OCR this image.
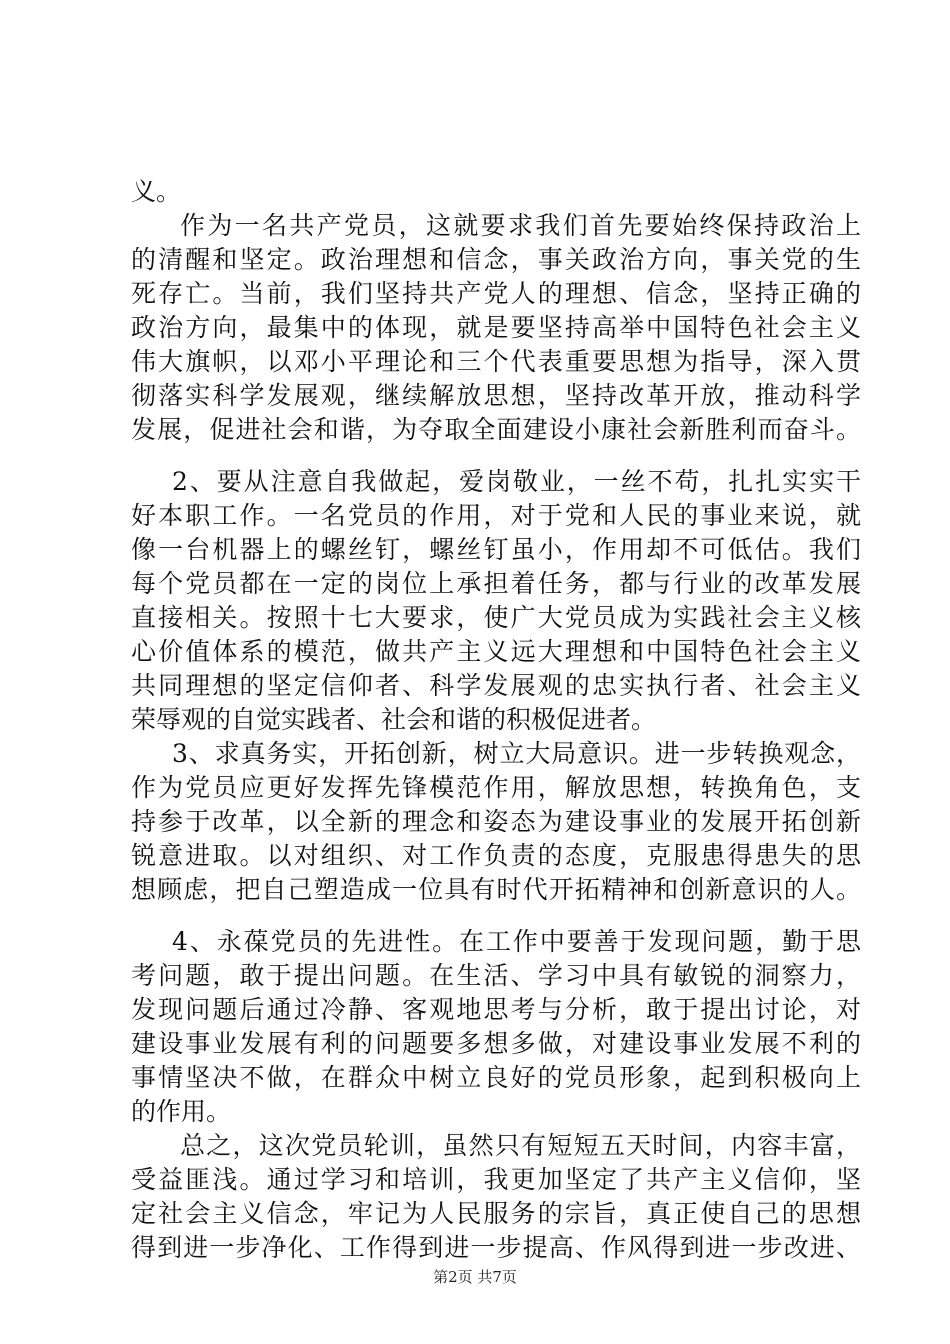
义。
作为一名共产党员，这就要求我们首先要始终保持政治上
的清醒和坚定。政治理想和信念，事关政治方向，事关党的生
死存亡。当前，我们坚持共产党人的理想、信念，坚持正确的
政治方向，最集中的体现，就是要坚持高举中国特色社会主义
伟大旗帜，以邓小平理论和三个代表重要思想为指导，深入贯
彻落实科学发展观，继续解放思想，坚持改革开放，推动科学
发展，促进社会和谐，为夺取全面建设小康社会新胜利而奋斗。
2、要从注意自我做起，爱岗敬业，一丝不苟，扎扎实实干
好本职工作。一名党员的作用，对于党和人民的事业来说，就
像一台机器上的螺丝钉，螺丝钉虽小，作用却不可低估。我们
每个党员都在一定的岗位上承担着任务，都与行业的改革发展
直接相关。按照十七大要求，使广大党员成为实践社会主义核
心价值体系的模范，做共产主义远大理想和中国特色社会主义
共同理想的坚定信仰者、科学发展观的忠实执行者、社会主义
荣辱观的自觉实践者、社会和谐的积极促进者。
3、求真务实，开拓创新，树立大局意识。进一步转换观念，
作为党员应更好发挥先锋模范作用，解放思想，转换角色，支
持参于改革，以全新的理念和姿态为建设事业的发展开拓创新
锐意进取。以对组织、对工作负责的态度，克服患得患失的思
想顾虑，把自己塑造成一位具有时代开拓精神和创新意识的人。
4、永葆党员的先进性。在工作中要善于发现问题，勤于思
考问题，敢于提出问题。在生活、学习中具有敏锐的洞察力，
发现问题后通过冷静、客观地思考与分析，敢于提出讨论，对
建设事业发展有利的问题要多想多做，对建设事业发展不利的
事情坚决不做，在群众中树立良好的党员形象，起到积极向上
的作用。
总之，这次党员轮训，虽然只有短短五天时间，内容丰富，
受益匪浅。通过学习和培训，我更加坚定了共产主义信仰，坚
定社会主义信念，牢记为人民服务的宗旨，真正使自己的思想
得到进一步净化、工作得到进一步提高、作风得到进一步改进、
第2页 共7页
